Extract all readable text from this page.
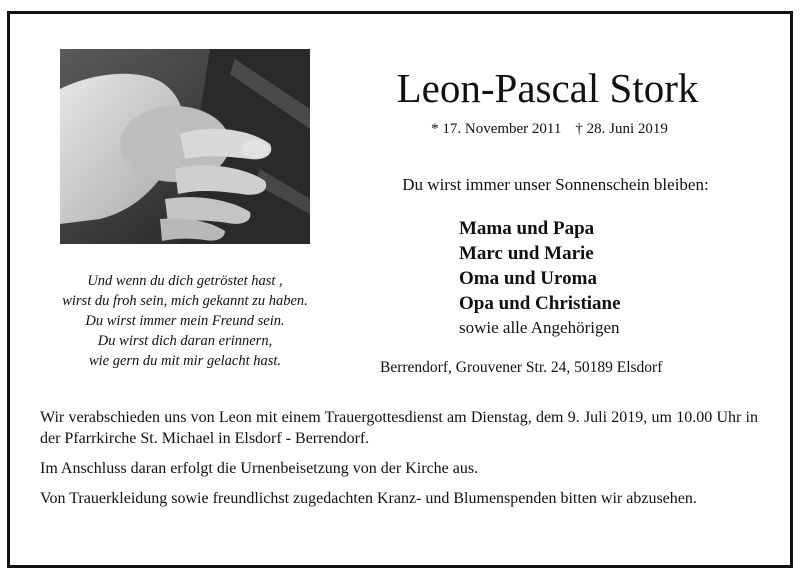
Und wenn du dich getröstet hast ,
wirst du froh sein, mich gekannt zu haben.
Du wirst immer mein Freund sein.
Du wirst dich daran erinnern,
wie gern du mit mir gelacht hast.
Leon-Pascal Stork
* 17. November 2011 † 28. Juni 2019
Du wirst immer unser Sonnenschein bleiben:
Mama und Papa
Marc und Marie
Oma und Uroma
Opa und Christiane
sowie alle Angehörigen
Berrendorf, Grouvener Str. 24, 50189 Elsdorf

Wir verabschieden uns von Leon mit einem Trauergottesdienst am Dienstag, dem 9. Juli 2019, um 10.00 Uhr in der Pfarrkirche St. Michael in Elsdorf - Berrendorf.

Im Anschluss daran erfolgt die Urnenbeisetzung von der Kirche aus.

Von Trauerkleidung sowie freundlichst zugedachten Kranz- und Blumenspenden bitten wir abzusehen.
